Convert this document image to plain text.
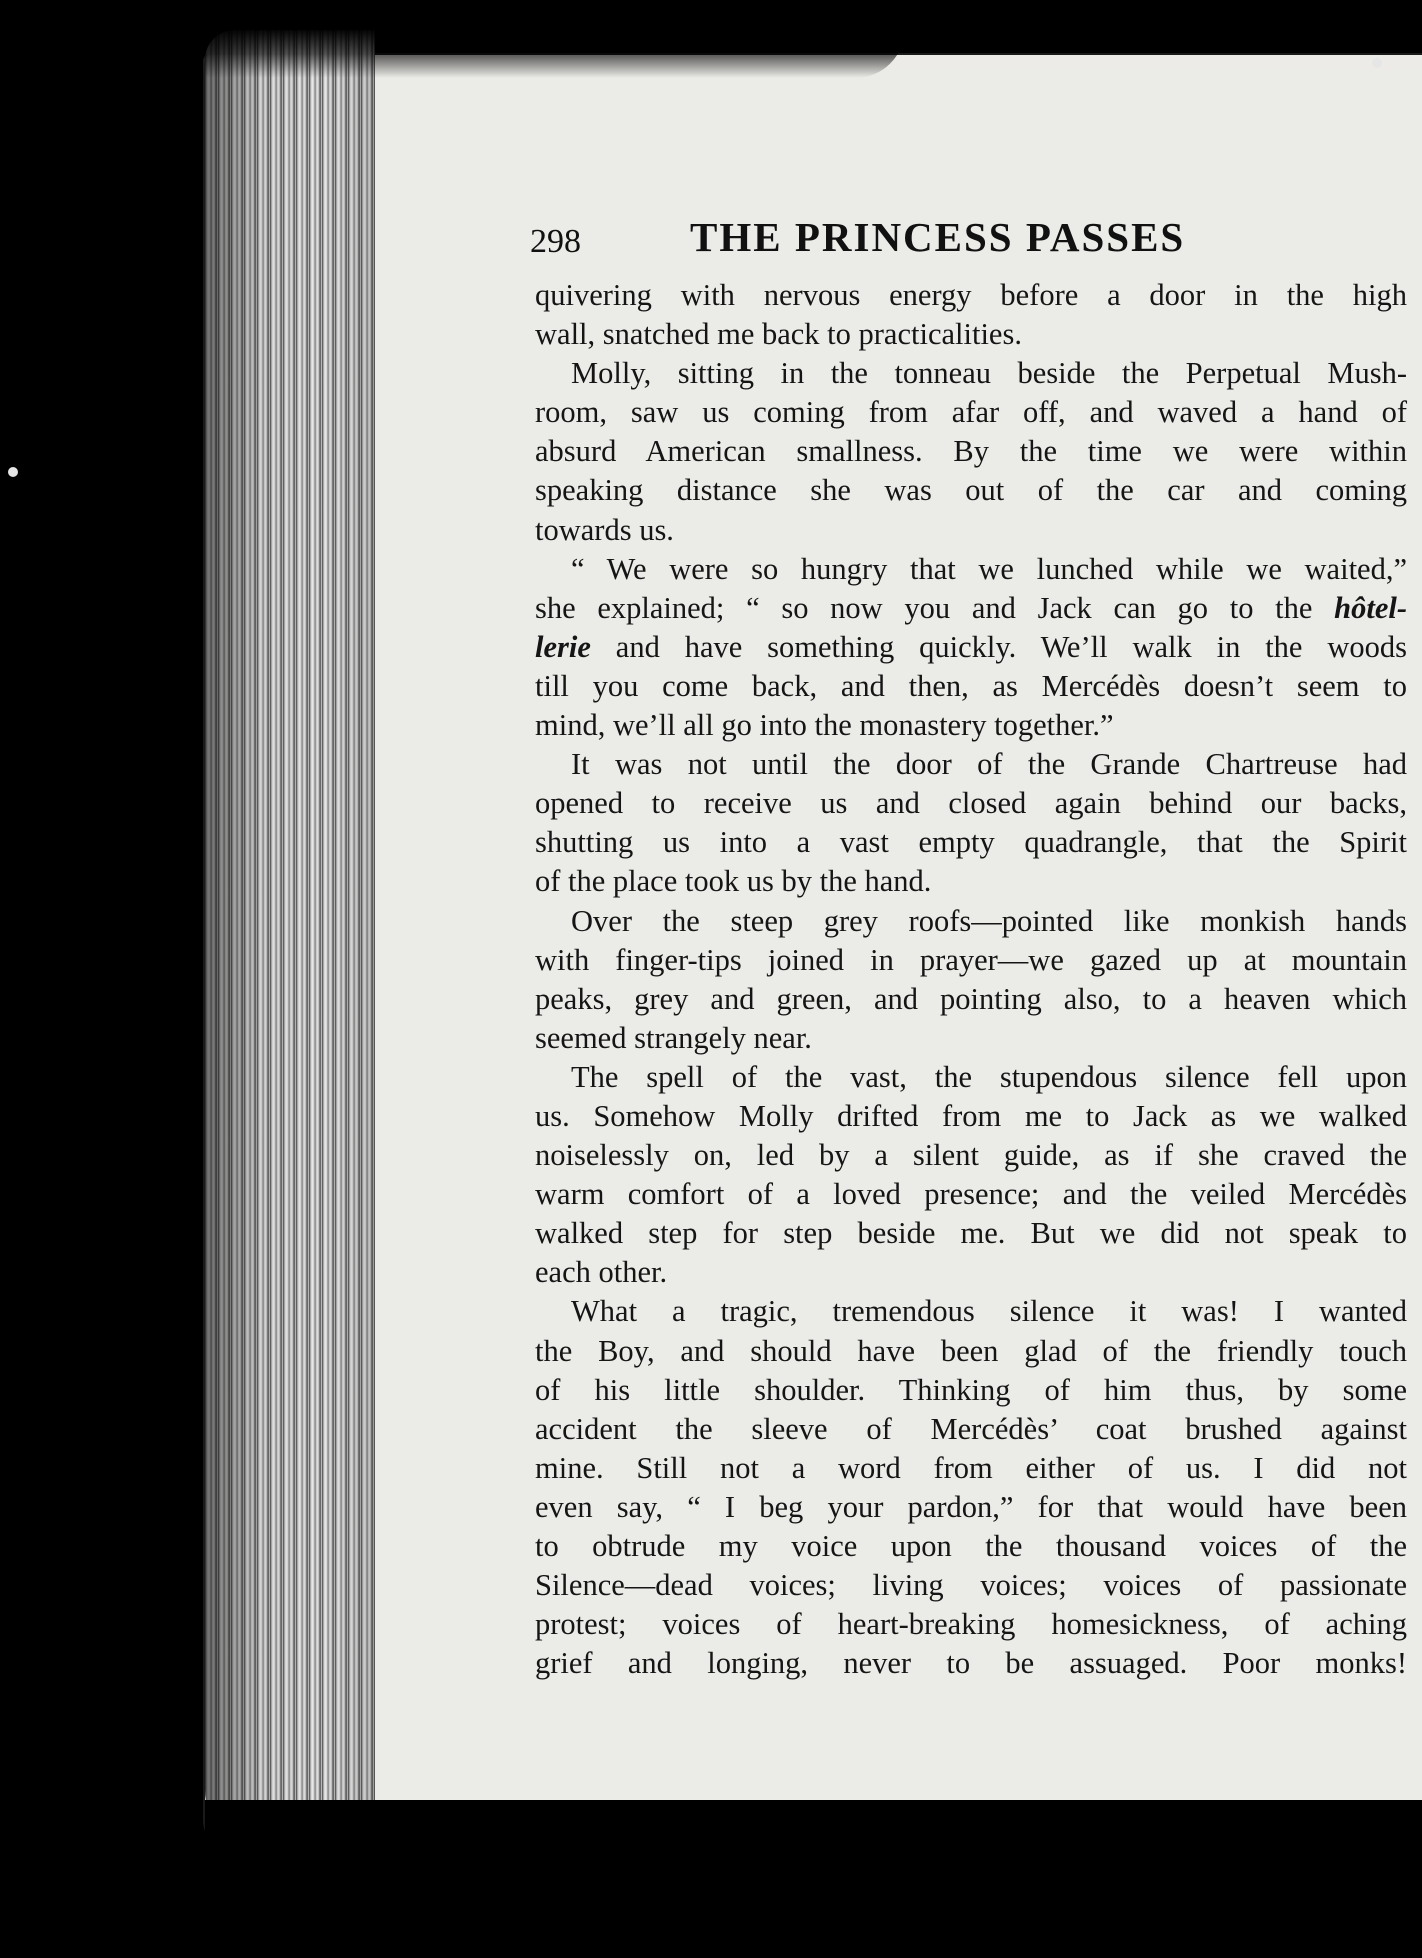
298	THE PRINCESS PASSES
quivering with nervous energy before a door in the high
wall, snatched me back to practicalities.
Molly, sitting in the tonneau beside the Perpetual Mush-
room, saw us coming from afar off, and waved a hand of
absurd American smallness. By the time we were within
speaking distance she was out of the car and coming
towards us.
“ We were so hungry that we lunched while we waited,”
she explained; “ so now you and Jack can go to the hôtel-
lerie and have something quickly. We’ll walk in the woods
till you come back, and then, as Mercédès doesn’t seem to
mind, we’ll all go into the monastery together.”
It was not until the door of the Grande Chartreuse had
opened to receive us and closed again behind our backs,
shutting us into a vast empty quadrangle, that the Spirit
of the place took us by the hand.
Over the steep grey roofs—pointed like monkish hands
with finger-tips joined in prayer—we gazed up at mountain
peaks, grey and green, and pointing also, to a heaven which
seemed strangely near.
The spell of the vast, the stupendous silence fell upon
us. Somehow Molly drifted from me to Jack as we walked
noiselessly on, led by a silent guide, as if she craved the
warm comfort of a loved presence; and the veiled Mercédès
walked step for step beside me. But we did not speak to
each other.
What a tragic, tremendous silence it was! I wanted
the Boy, and should have been glad of the friendly touch
of his little shoulder. Thinking of him thus, by some
accident the sleeve of Mercédès’ coat brushed against
mine. Still not a word from either of us. I did not
even say, “ I beg your pardon,” for that would have been
to obtrude my voice upon the thousand voices of the
Silence—dead voices; living voices; voices of passionate
protest; voices of heart-breaking homesickness, of aching
grief and longing, never to be assuaged. Poor monks!
